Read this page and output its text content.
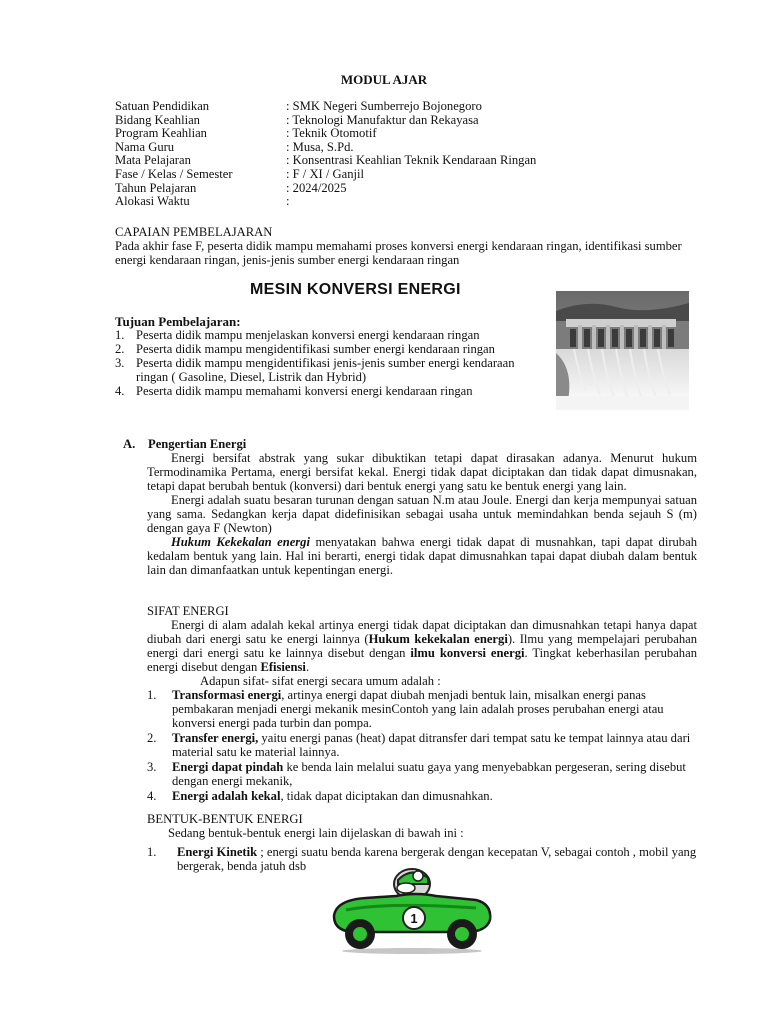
MODUL AJAR
Satuan Pendidikan	: SMK Negeri Sumberrejo Bojonegoro
Bidang Keahlian	: Teknologi Manufaktur dan Rekayasa
Program Keahlian	: Teknik Otomotif
Nama Guru	: Musa, S.Pd.
Mata Pelajaran	: Konsentrasi Keahlian Teknik Kendaraan Ringan
Fase / Kelas / Semester	: F / XI / Ganjil
Tahun Pelajaran	: 2024/2025
Alokasi Waktu	:
CAPAIAN PEMBELAJARAN
Pada akhir fase F, peserta didik mampu memahami proses konversi energi kendaraan ringan, identifikasi sumber energi kendaraan ringan, jenis-jenis sumber energi kendaraan ringan
MESIN KONVERSI ENERGI
Tujuan Pembelajaran:
1. Peserta didik mampu menjelaskan konversi energi kendaraan ringan
2. Peserta didik mampu mengidentifikasi sumber energi kendaraan ringan
3. Peserta didik mampu mengidentifikasi jenis-jenis sumber energi kendaraan ringan ( Gasoline, Diesel, Listrik dan Hybrid)
4. Peserta didik mampu memahami konversi energi kendaraan ringan
A. Pengertian Energi

Energi bersifat abstrak yang sukar dibuktikan tetapi dapat dirasakan adanya. Menurut hukum Termodinamika Pertama, energi bersifat kekal. Energi tidak dapat diciptakan dan tidak dapat dimusnakan, tetapi dapat berubah bentuk (konversi) dari bentuk energi yang satu ke bentuk energi yang lain.

Energi adalah suatu besaran turunan dengan satuan N.m atau Joule. Energi dan kerja mempunyai satuan yang sama. Sedangkan kerja dapat didefinisikan sebagai usaha untuk memindahkan benda sejauh S (m) dengan gaya F (Newton)

Hukum Kekekalan energi menyatakan bahwa energi tidak dapat di musnahkan, tapi dapat dirubah kedalam bentuk yang lain. Hal ini berarti, energi tidak dapat dimusnahkan tapai dapat diubah dalam bentuk lain dan dimanfaatkan untuk kepentingan energi.

SIFAT ENERGI

Energi di alam adalah kekal artinya energi tidak dapat diciptakan dan dimusnahkan tetapi hanya dapat diubah dari energi satu ke energi lainnya (Hukum kekekalan energi). Ilmu yang mempelajari perubahan energi dari energi satu ke lainnya disebut dengan ilmu konversi energi. Tingkat keberhasilan perubahan energi disebut dengan Efisiensi.

Adapun sifat- sifat energi secara umum adalah :
1. Transformasi energi, artinya energi dapat diubah menjadi bentuk lain, misalkan energi panas pembakaran menjadi energi mekanik mesinContoh yang lain adalah proses perubahan energi atau konversi energi pada turbin dan pompa.
2. Transfer energi, yaitu energi panas (heat) dapat ditransfer dari tempat satu ke tempat lainnya atau dari material satu ke material lainnya.
3. Energi dapat pindah ke benda lain melalui suatu gaya yang menyebabkan pergeseran, sering disebut dengan energi mekanik,
4. Energi adalah kekal, tidak dapat diciptakan dan dimusnahkan.
BENTUK-BENTUK ENERGI
Sedang bentuk-bentuk energi lain dijelaskan di bawah ini :
1. Energi Kinetik ; energi suatu benda karena bergerak dengan kecepatan V, sebagai contoh , mobil yang bergerak, benda jatuh dsb
1
